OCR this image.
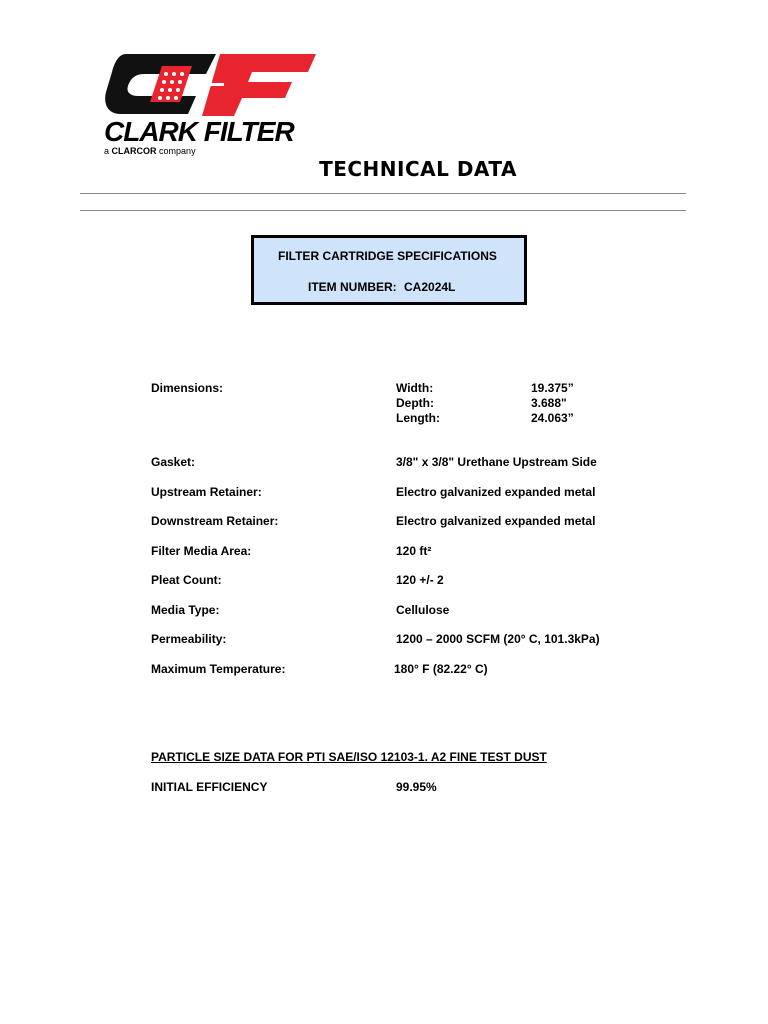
CLARK FILTER
a CLARCOR company
TECHNICAL DATA
FILTER CARTRIDGE SPECIFICATIONS
ITEM NUMBER: CA2024L
Dimensions:	Width:	19.375”
Depth:	3.688"
Length:	24.063”
Gasket:	3/8" x 3/8" Urethane Upstream Side
Upstream Retainer:	Electro galvanized expanded metal
Downstream Retainer:	Electro galvanized expanded metal
Filter Media Area:	120 ft²
Pleat Count:	120 +/- 2
Media Type:	Cellulose
Permeability:	1200 – 2000 SCFM (20° C, 101.3kPa)
Maximum Temperature:	180° F (82.22° C)
PARTICLE SIZE DATA FOR PTI SAE/ISO 12103-1. A2 FINE TEST DUST
INITIAL EFFICIENCY	99.95%
